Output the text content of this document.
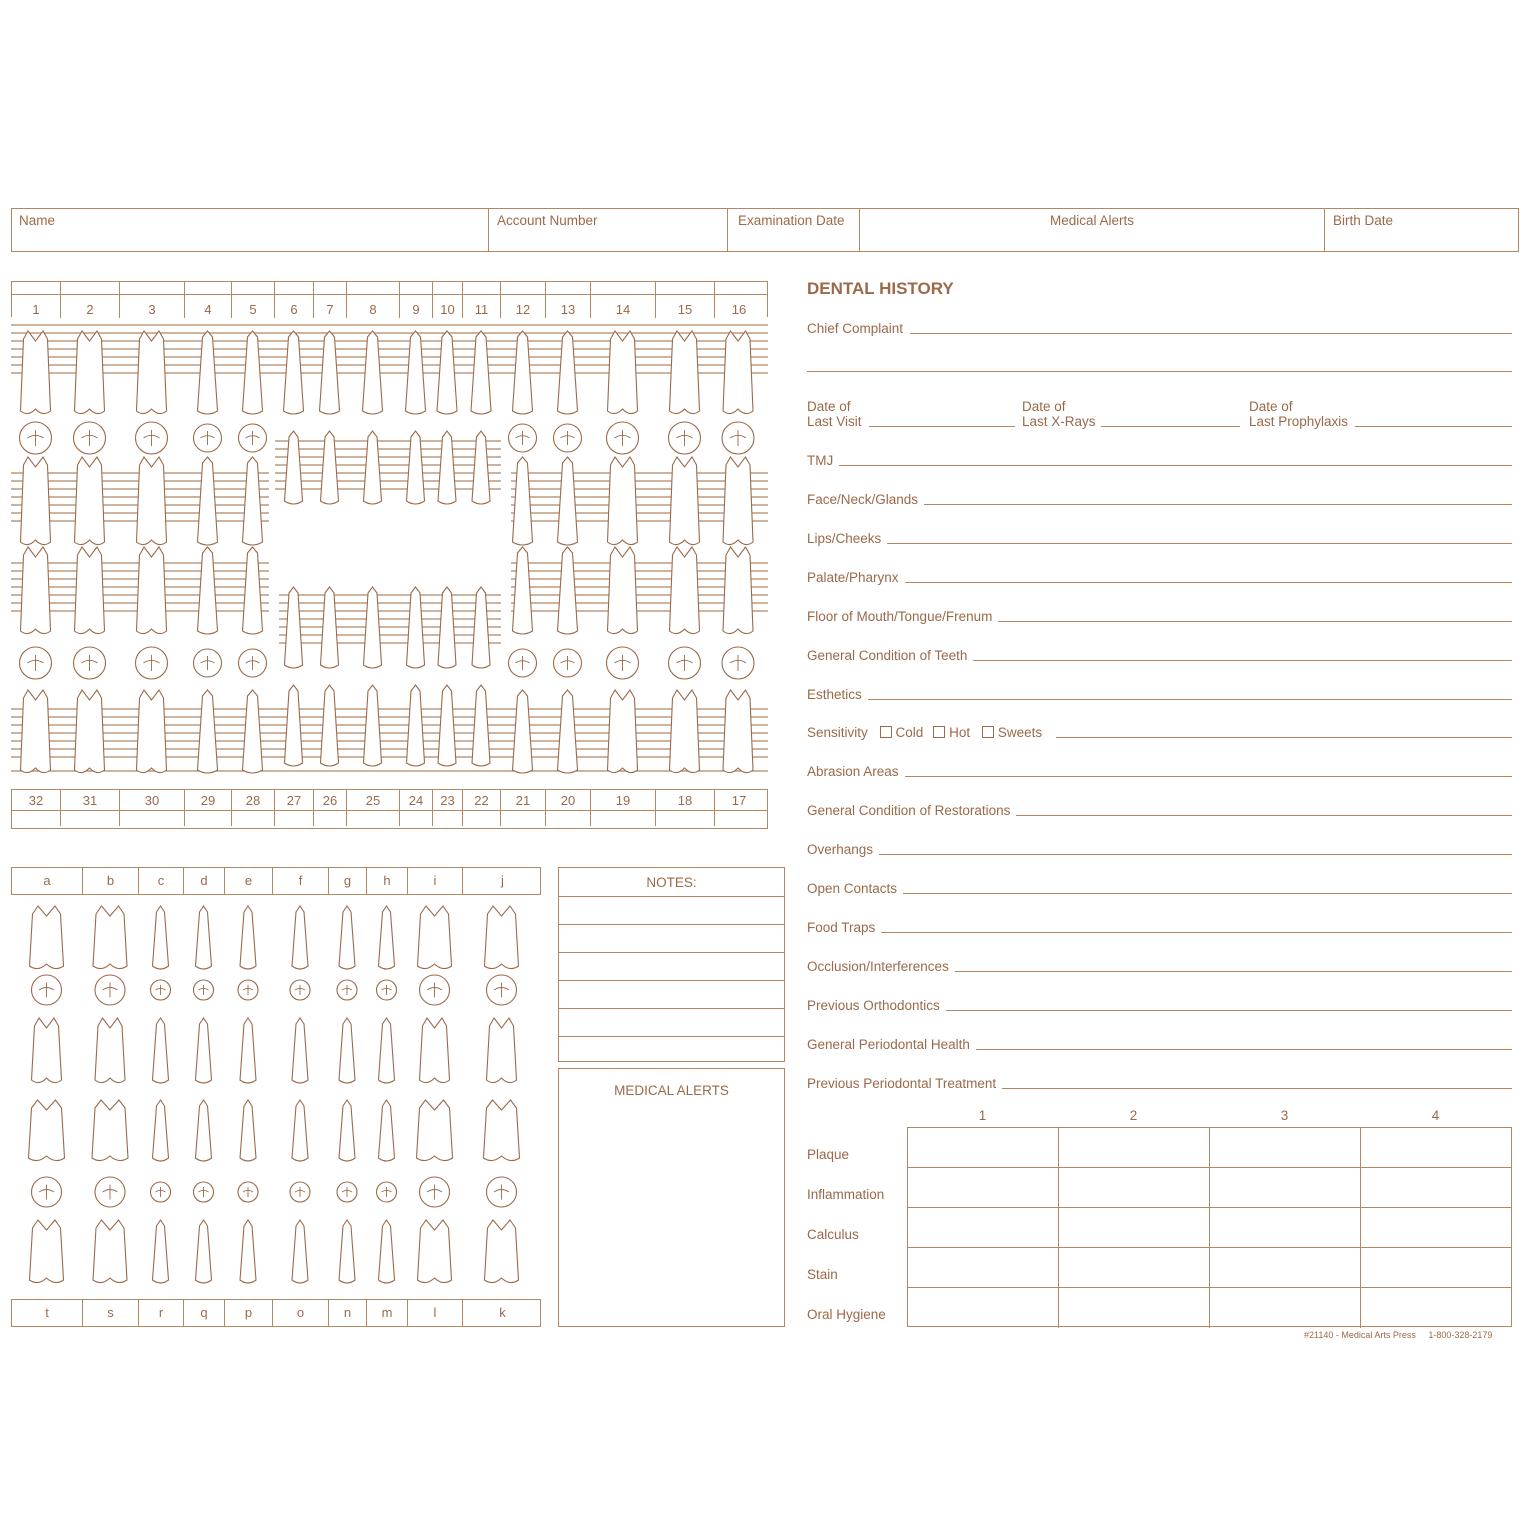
Name	Account Number	Examination Date	Medical Alerts	Birth Date
1	2	3	4	5	6	7	8	9	10	11	12	13	14	15	16
32	31	30	29	28	27	26	25	24	23	22	21	20	19	18	17
a	b	c	d	e	f	g	h	i	j
t	s	r	q	p	o	n	m	l	k
NOTES:
MEDICAL ALERTS
DENTAL HISTORY
Chief Complaint
Date of
Last Visit
Date of
Last X-Rays
Date of
Last Prophylaxis
TMJ
Face/Neck/Glands
Lips/Cheeks
Palate/Pharynx
Floor of Mouth/Tongue/Frenum
General Condition of Teeth
Esthetics
Sensitivity Cold Hot Sweets
Abrasion Areas
General Condition of Restorations
Overhangs
Open Contacts
Food Traps
Occlusion/Interferences
Previous Orthodontics
General Periodontal Health
Previous Periodontal Treatment
1	2	3	4
Plaque
Inflammation
Calculus
Stain
Oral Hygiene
#21140 - Medical Arts Press     1-800-328-2179
